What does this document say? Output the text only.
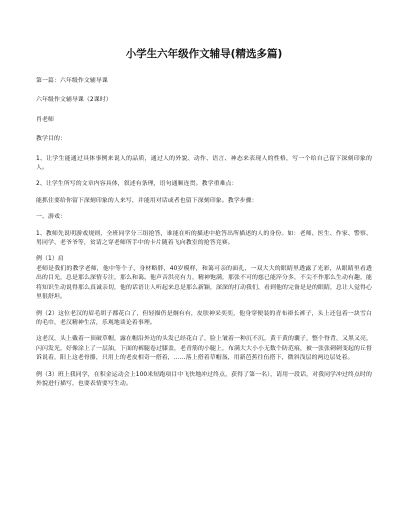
小学生六年级作文辅导(精选多篇)

第一篇：六年级作文辅导课

六年级作文辅导课（2课时）

肖老师

教学目的：

1、让学生能通过具体事例来说人的品质，通过人的外貌、动作、语言、神态来表现人的性格，写一个给自己留下深刻印象的人。

2、让学生所写的文章内容具体，叙述有条理，语句通顺连贯。教学重难点：

能抓住要给你留下深刻印象的人来写，并能用对话或者也留下深刻印象。教学步骤：

一、游戏：

1、教师先说明游戏规则，全班同学分三组抢答，谁能在听的描述中抢答出所描述的人的身份。如：老师、医生、作家、警察、男同学、老爷爷等，贫请之穿老师所手中的卡片随着飞向教室的抢答竞赛。

例（1）肩

老师是我们的教学老师，他中等个子，身材略胖，40岁模样，和蔼可亲的面孔，一双大大的眼睛里透露了光彩，从眼睛里看透出的目光，总是那么深情专注，那么和蔼。他声音洪亮有力，精神饱满，那张不可的慈已能淬分多，不尖不作那么生动有趣，能将知识生动说得那么真诚亲切，他的话语让人听起来总是那么新颖，深深的打动我们，看到他的完备是是的眼睛，总让人觉得心里很舒坦。

例（2）这位老汉的眉毛胡子都花白了，但轻描仍是炯有有，皮肤神采奕奕，他身穿便装的青布褂长裤子，头上还包着一块雪白的毛巾，老汉精神生活，乐观地谈论着事理。

这老汉，头上戴着一顶破草帽，露在帽沿外边的头发已经花白了，脸上皱着一种沉不沉，黄干黄的囊子，整个脊背，又黑又亮，闪闪发光，好像涂上了一层油，下面的裤腿卷过膝盖，老青筋的小腿上，布满大大小小无数个防范痕，被一张张刺刺变起的丘督诉说着，阳上这老骨骼，只用上的老皮相奇一搭着，……落上搭着草帽盔，用新芭蕉往伍搭下，微斜浅层的两边层处着。

例（3）班上我同学，在积金运动会上100米短跑项目中飞快地冲过终点，获得了第一名），请用一段话，对我同学冲过终点时的外貌进行描写，也要表情要写生动。
